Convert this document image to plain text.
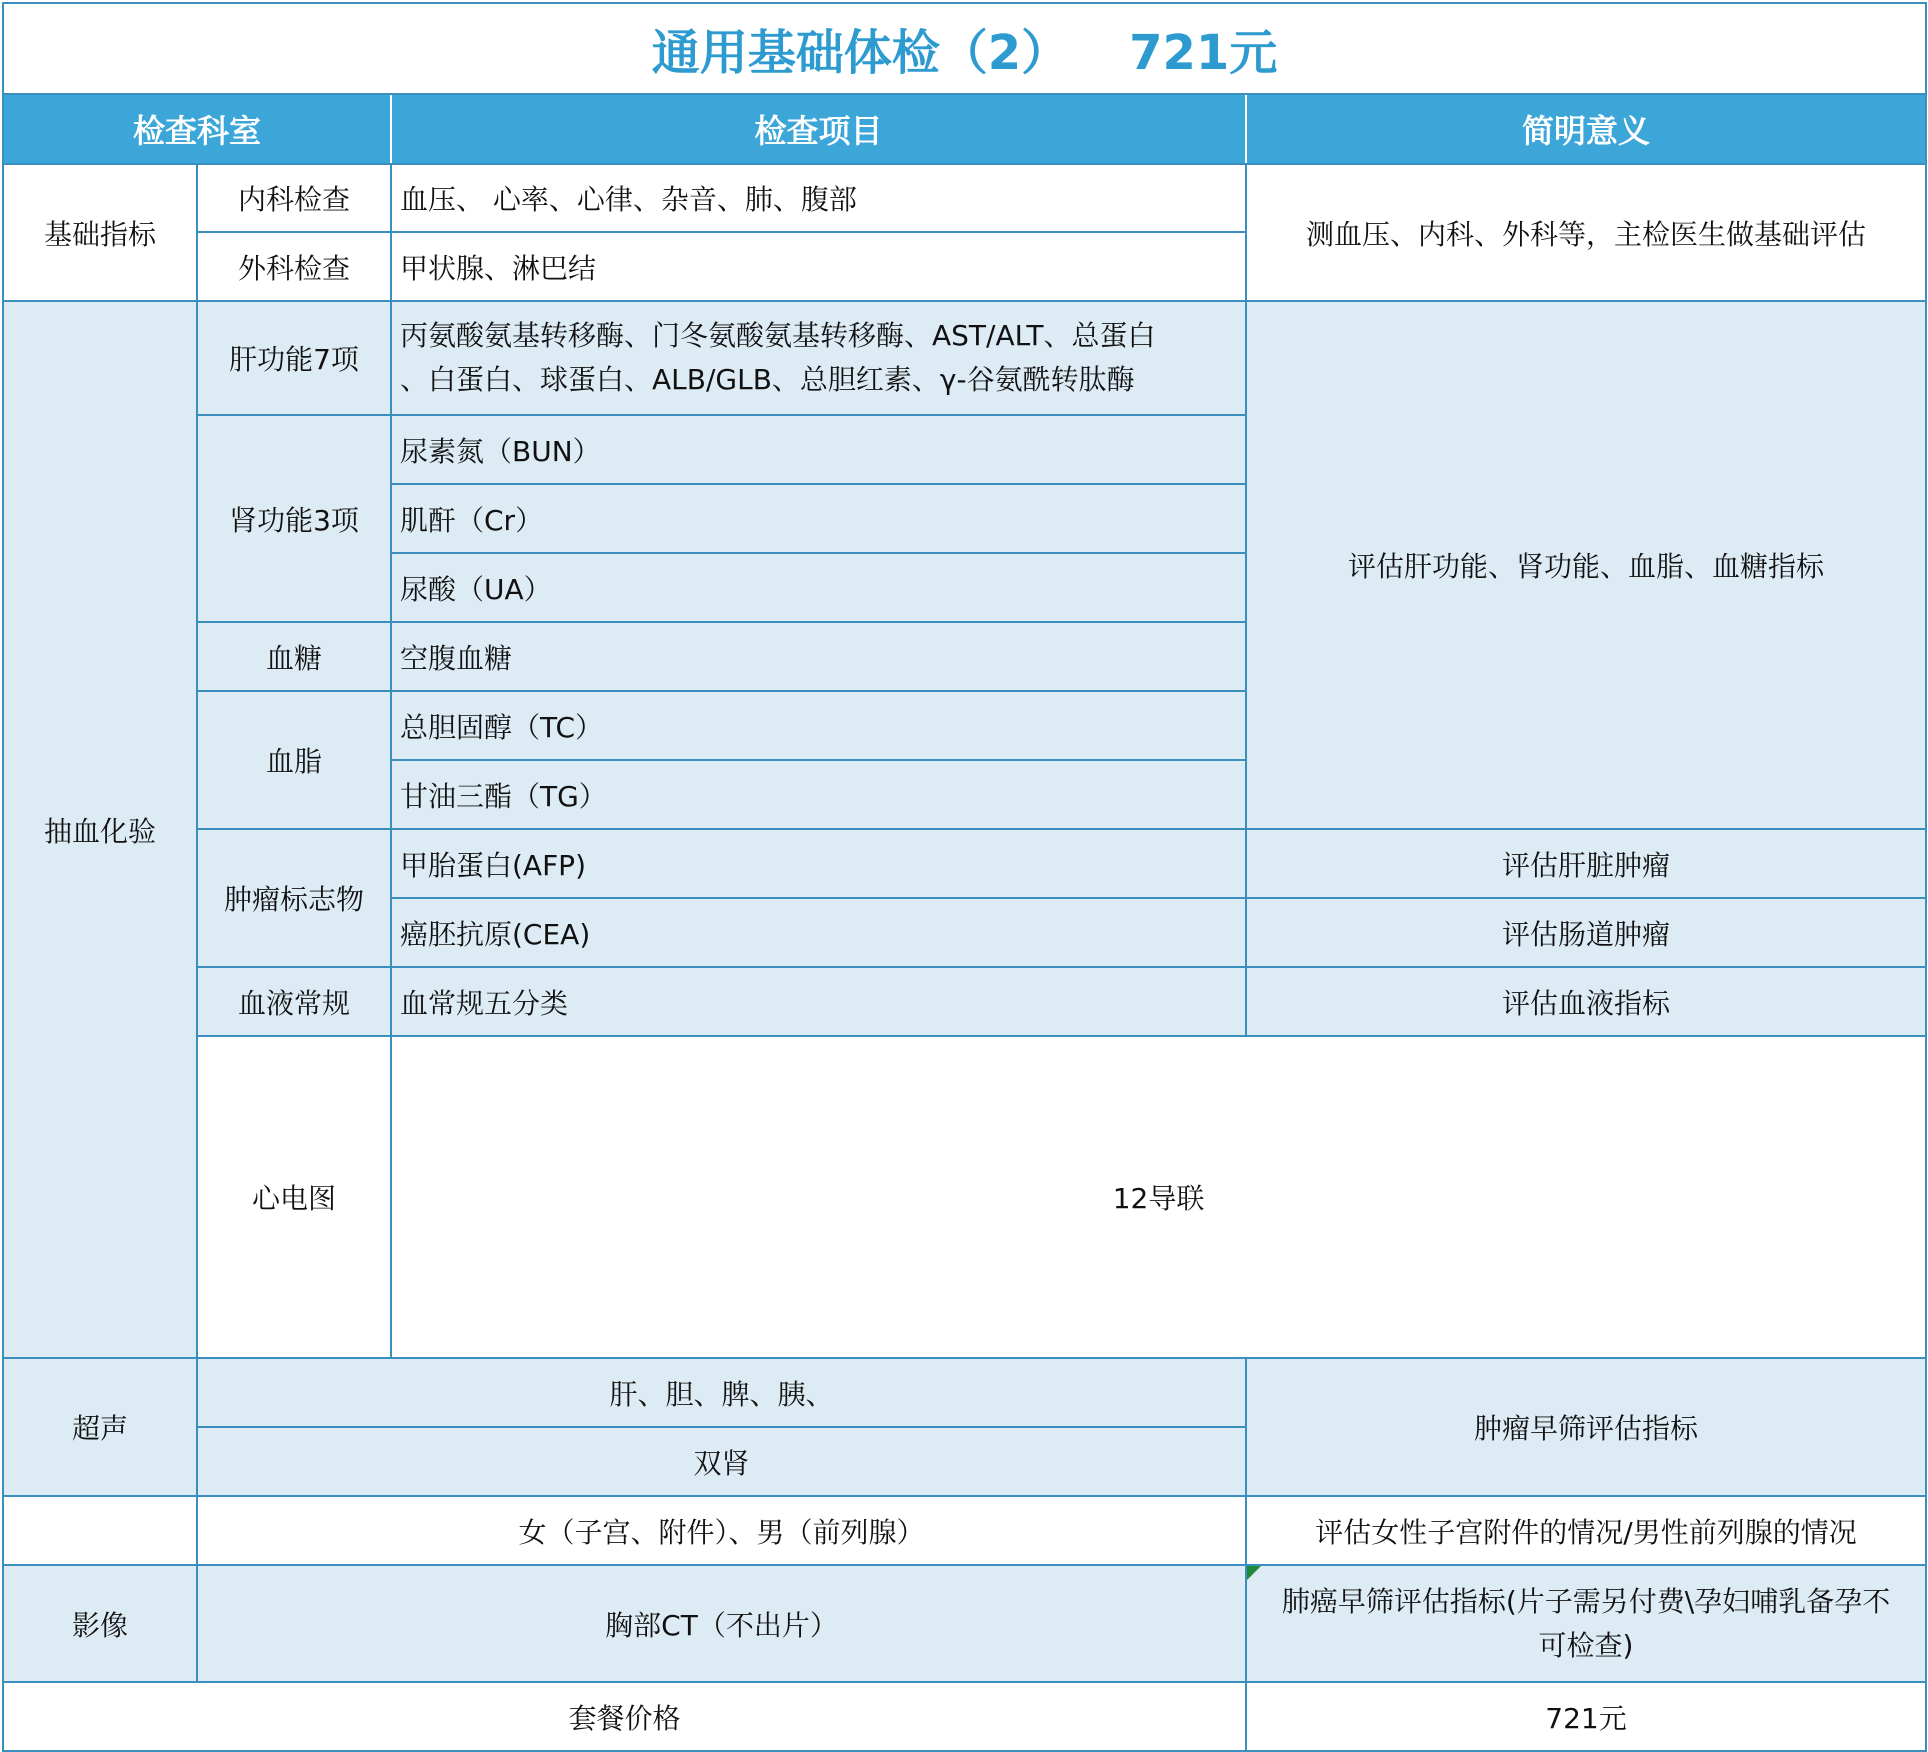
通用基础体检（2） 721元				
检查科室		检查项目	简明意义	
基础指标	内科检查	血压、 心率、心律、杂音、肺、腹部	测血压、内科、外科等，主检医生做基础评估	
	外科检查	甲状腺、淋巴结		
抽血化验	肝功能7项	丙氨酸氨基转移酶、门冬氨酸氨基转移酶、AST/ALT、总蛋白
、白蛋白、球蛋白、ALB/GLB、总胆红素、γ-谷氨酰转肽酶	评估肝功能、肾功能、血脂、血糖指标	
	肾功能3项	尿素氮（BUN）		
		肌酐（Cr）		
		尿酸（UA）		
	血糖	空腹血糖		
	血脂	总胆固醇（TC）		
		甘油三酯（TG）		
	肿瘤标志物	甲胎蛋白(AFP)	评估肝脏肿瘤	
		癌胚抗原(CEA)	评估肠道肿瘤	
	血液常规	血常规五分类	评估血液指标	
	心电图	12导联	
超声	肝、胆、脾、胰、		肿瘤早筛评估指标	
	双肾			
	女（子宫、附件）、男（前列腺）		评估女性子宫附件的情况/男性前列腺的情况	
影像	胸部CT（不出片）		肺癌早筛评估指标(片子需另付费\孕妇哺乳备孕不
可检查)	

套餐价格			721元	
